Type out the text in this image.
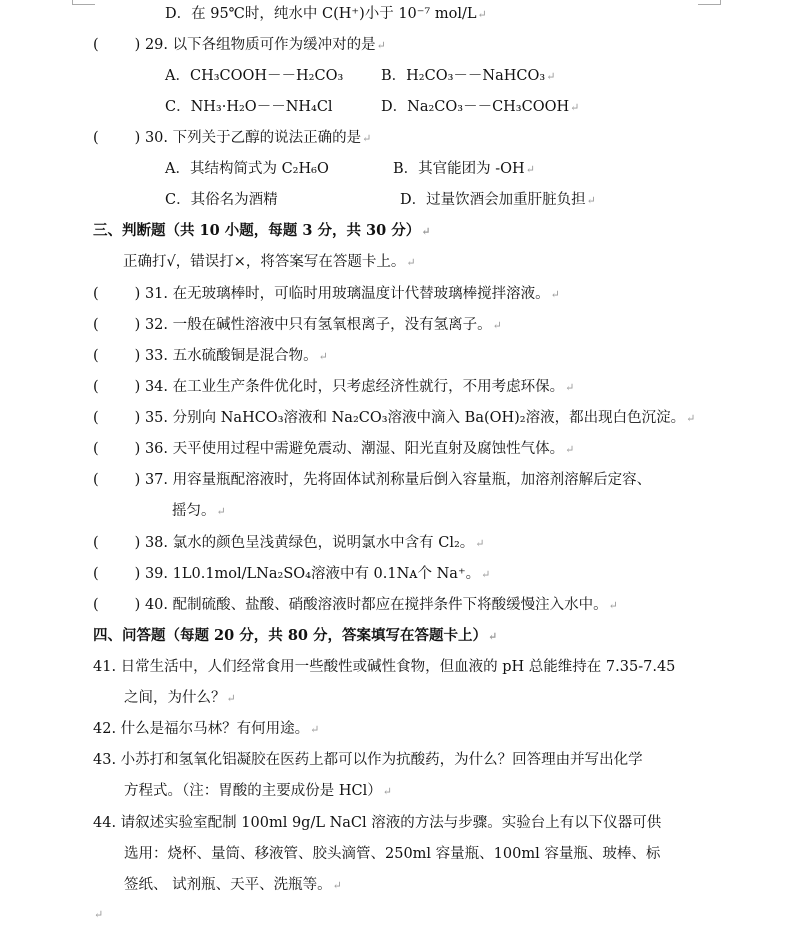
D．在 95℃时，纯水中 C(H⁺)小于 10⁻⁷ mol/L↵
( ) 29. 以下各组物质可作为缓冲对的是↵
A．CH₃COOH－－H₂CO₃	B．H₂CO₃－－NaHCO₃↵
C．NH₃·H₂O－－NH₄Cl	D．Na₂CO₃－－CH₃COOH↵
( ) 30. 下列关于乙醇的说法正确的是↵
A．其结构简式为 C₂H₆O	B．其官能团为 -OH↵
C．其俗名为酒精	D．过量饮酒会加重肝脏负担↵
三、判断题（共 10 小题，每题 3 分，共 30 分）↵
正确打√，错误打×，将答案写在答题卡上。↵
( ) 31. 在无玻璃棒时，可临时用玻璃温度计代替玻璃棒搅拌溶液。↵
( ) 32. 一般在碱性溶液中只有氢氧根离子，没有氢离子。↵
( ) 33. 五水硫酸铜是混合物。↵
( ) 34. 在工业生产条件优化时，只考虑经济性就行，不用考虑环保。↵
( ) 35. 分别向 NaHCO₃溶液和 Na₂CO₃溶液中滴入 Ba(OH)₂溶液，都出现白色沉淀。↵
( ) 36. 天平使用过程中需避免震动、潮湿、阳光直射及腐蚀性气体。↵
( ) 37. 用容量瓶配溶液时，先将固体试剂称量后倒入容量瓶，加溶剂溶解后定容、
摇匀。↵
( ) 38. 氯水的颜色呈浅黄绿色，说明氯水中含有 Cl₂。↵
( ) 39. 1L0.1mol/LNa₂SO₄溶液中有 0.1Nᴀ个 Na⁺。↵
( ) 40. 配制硫酸、盐酸、硝酸溶液时都应在搅拌条件下将酸缓慢注入水中。↵
四、问答题（每题 20 分，共 80 分，答案填写在答题卡上）↵
41. 日常生活中，人们经常食用一些酸性或碱性食物，但血液的 pH 总能维持在 7.35-7.45
之间，为什么？↵
42. 什么是福尔马林？有何用途。↵
43. 小苏打和氢氧化铝凝胶在医药上都可以作为抗酸药，为什么？回答理由并写出化学
方程式。（注：胃酸的主要成份是 HCl）↵
44. 请叙述实验室配制 100ml 9g/L NaCl 溶液的方法与步骤。实验台上有以下仪器可供
选用：烧杯、量筒、移液管、胶头滴管、250ml 容量瓶、100ml 容量瓶、玻棒、标
签纸、 试剂瓶、天平、洗瓶等。↵
↵
